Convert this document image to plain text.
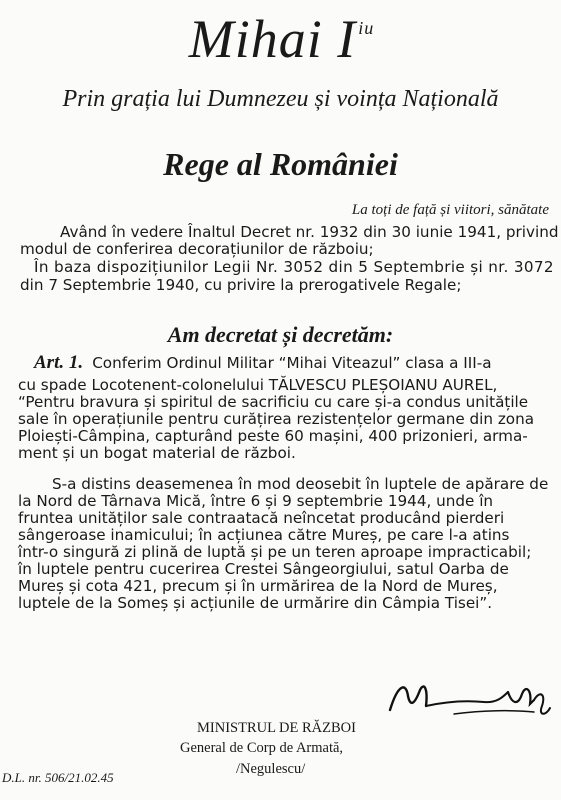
Mihai I $^{iu}$
Prin grația lui Dumnezeu și voința Națională
Rege al României
La toți de față și viitori, sănătate
Având în vedere Înaltul Decret nr. 1932 din 30 iunie 1941, privind
modul de conferirea decorațiunilor de războiu;
În baza dispozițiunilor Legii Nr. 3052 din 5 Septembrie și nr. 3072
din 7 Septembrie 1940, cu privire la prerogativele Regale;
Am decretat și decretăm:
Art. 1. Conferim Ordinul Militar “Mihai Viteazul” clasa a III-a
cu spade Locotenent-colonelului TĂLVESCU PLEȘOIANU AUREL,
“Pentru bravura și spiritul de sacrificiu cu care și-a condus unitățile
sale în operațiunile pentru curățirea rezistențelor germane din zona
Ploiești-Câmpina, capturând peste 60 mașini, 400 prizonieri, arma-
ment și un bogat material de război.
S-a distins deasemenea în mod deosebit în luptele de apărare de
la Nord de Târnava Mică, între 6 și 9 septembrie 1944, unde în
fruntea unităților sale contraatacă neîncetat producând pierderi
sângeroase inamicului; în acțiunea către Mureș, pe care l-a atins
într-o singură zi plină de luptă și pe un teren aproape impracticabil;
în luptele pentru cucerirea Crestei Sângeorgiului, satul Oarba de
Mureș și cota 421, precum și în urmărirea de la Nord de Mureș,
luptele de la Someș și acțiunile de urmărire din Câmpia Tisei”.
MINISTRUL DE RĂZBOI
General de Corp de Armată,
/Negulescu/
D.L. nr. 506/21.02.45
